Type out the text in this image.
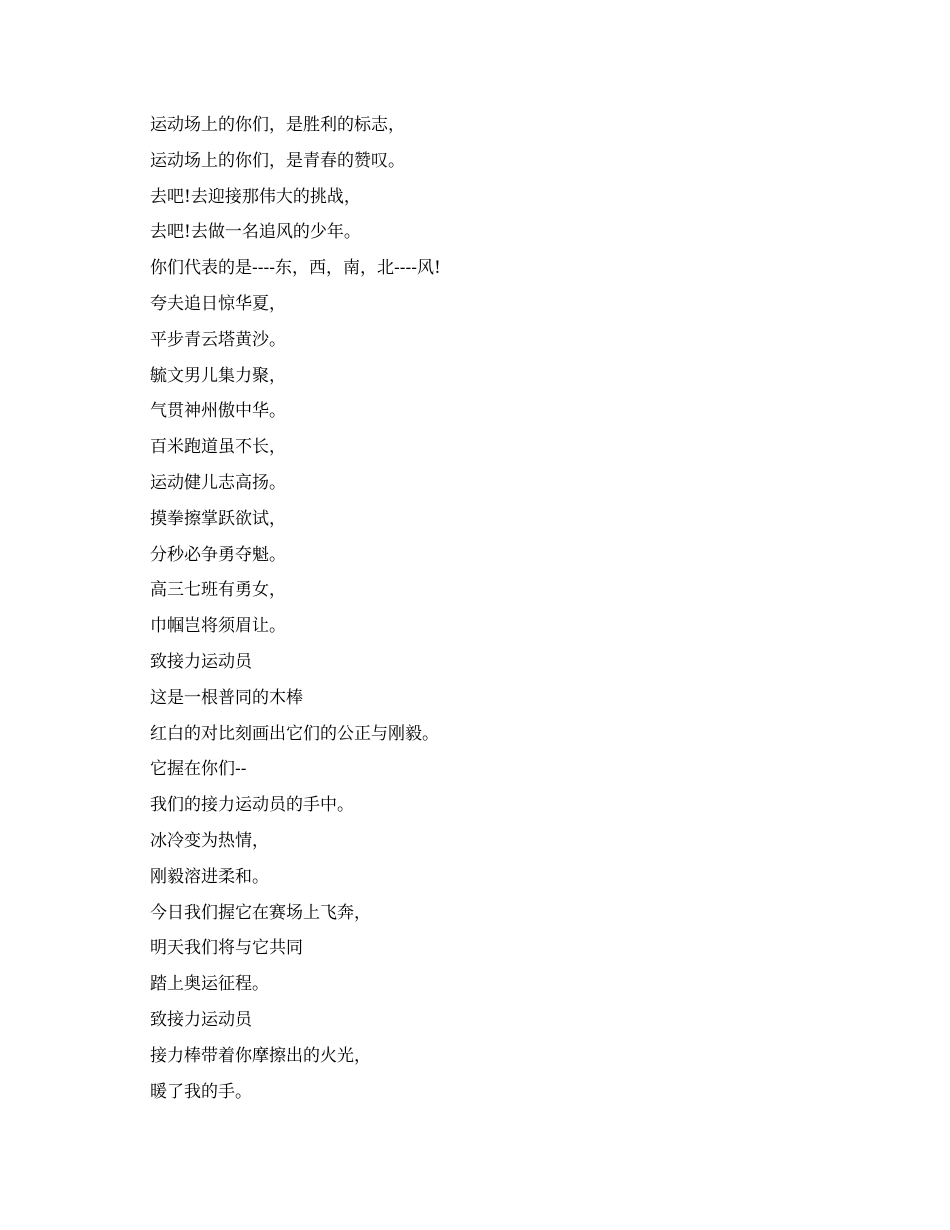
运动场上的你们，是胜利的标志，
运动场上的你们，是青春的赞叹。
去吧!去迎接那伟大的挑战，
去吧!去做一名追风的少年。
你们代表的是----东，西，南，北----风!
夸夫追日惊华夏，
平步青云塔黄沙。
毓文男儿集力聚，
气贯神州傲中华。
百米跑道虽不长，
运动健儿志高扬。
摸拳擦掌跃欲试，
分秒必争勇夺魁。
高三七班有勇女，
巾帼岂将须眉让。
致接力运动员
这是一根普同的木棒
红白的对比刻画出它们的公正与刚毅。
它握在你们--
我们的接力运动员的手中。
冰冷变为热情，
刚毅溶进柔和。
今日我们握它在赛场上飞奔，
明天我们将与它共同
踏上奥运征程。
致接力运动员
接力棒带着你摩擦出的火光，
暖了我的手。
